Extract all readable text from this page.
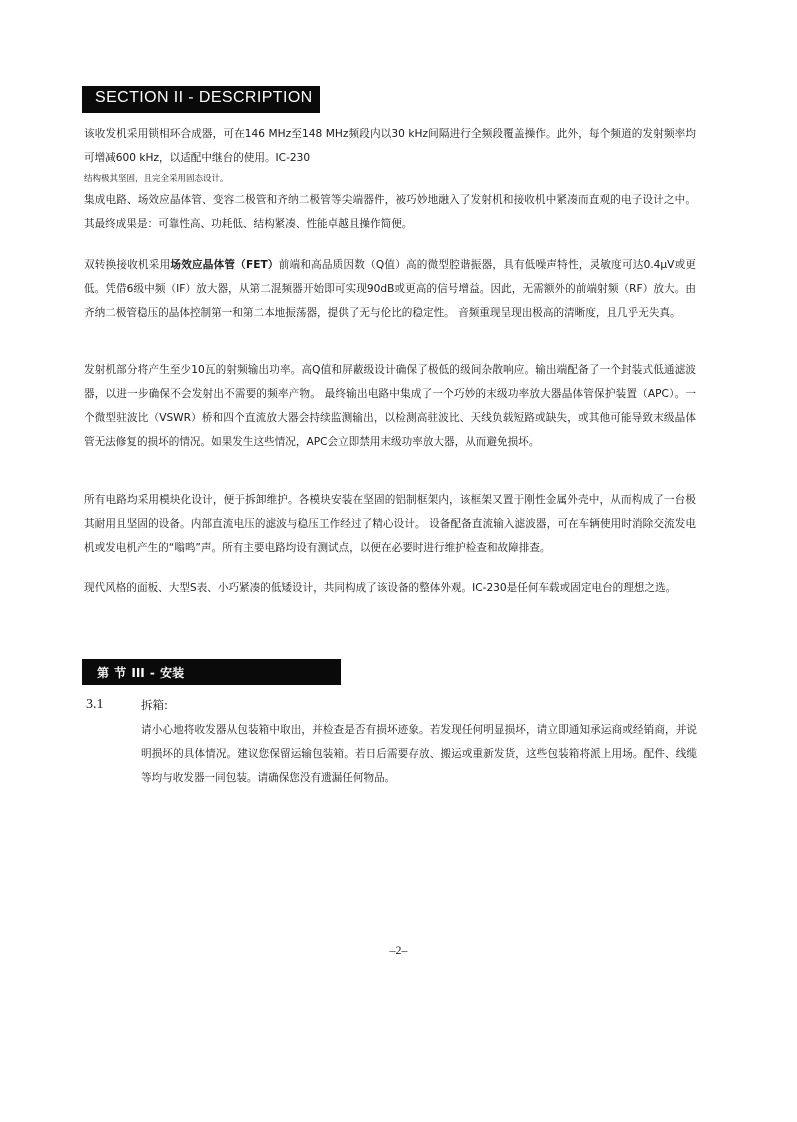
SECTION II - DESCRIPTION

该收发机采用锁相环合成器，可在146 MHz至148 MHz频段内以30 kHz间隔进行全频段覆盖操作。此外，每个频道的发射频率均可增减600 kHz，以适配中继台的使用。IC-230

结构极其坚固，且完全采用固态设计。

集成电路、场效应晶体管、变容二极管和齐纳二极管等尖端器件，被巧妙地融入了发射机和接收机中紧凑而直观的电子设计之中。其最终成果是：可靠性高、功耗低、结构紧凑、性能卓越且操作简便。

双转换接收机采用场效应晶体管（FET）前端和高品质因数（Q值）高的微型腔谐振器，具有低噪声特性，灵敏度可达0.4μV或更低。凭借6级中频（IF）放大器，从第二混频器开始即可实现90dB或更高的信号增益。因此，无需额外的前端射频（RF）放大。由齐纳二极管稳压的晶体控制第一和第二本地振荡器，提供了无与伦比的稳定性。 音频重现呈现出极高的清晰度，且几乎无失真。

发射机部分将产生至少10瓦的射频输出功率。高Q值和屏蔽级设计确保了极低的级间杂散响应。输出端配备了一个封装式低通滤波器，以进一步确保不会发射出不需要的频率产物。 最终输出电路中集成了一个巧妙的末级功率放大器晶体管保护装置（APC）。一个微型驻波比（VSWR）桥和四个直流放大器会持续监测输出，以检测高驻波比、天线负载短路或缺失，或其他可能导致末级晶体管无法修复的损坏的情况。如果发生这些情况，APC会立即禁用末级功率放大器，从而避免损坏。

所有电路均采用模块化设计，便于拆卸维护。各模块安装在坚固的铝制框架内，该框架又置于刚性金属外壳中，从而构成了一台极其耐用且坚固的设备。内部直流电压的滤波与稳压工作经过了精心设计。 设备配备直流输入滤波器，可在车辆使用时消除交流发电机或发电机产生的“嗡鸣”声。所有主要电路均设有测试点，以便在必要时进行维护检查和故障排查。

现代风格的面板、大型S表、小巧紧凑的低矮设计，共同构成了该设备的整体外观。IC-230是任何车载或固定电台的理想之选。

第 节 III - 安装
3.1	拆箱:

请小心地将收发器从包装箱中取出，并检查是否有损坏迹象。若发现任何明显损坏，请立即通知承运商或经销商，并说明损坏的具体情况。建议您保留运输包装箱。若日后需要存放、搬运或重新发货，这些包装箱将派上用场。配件、线缆等均与收发器一同包装。请确保您没有遗漏任何物品。

–2–
